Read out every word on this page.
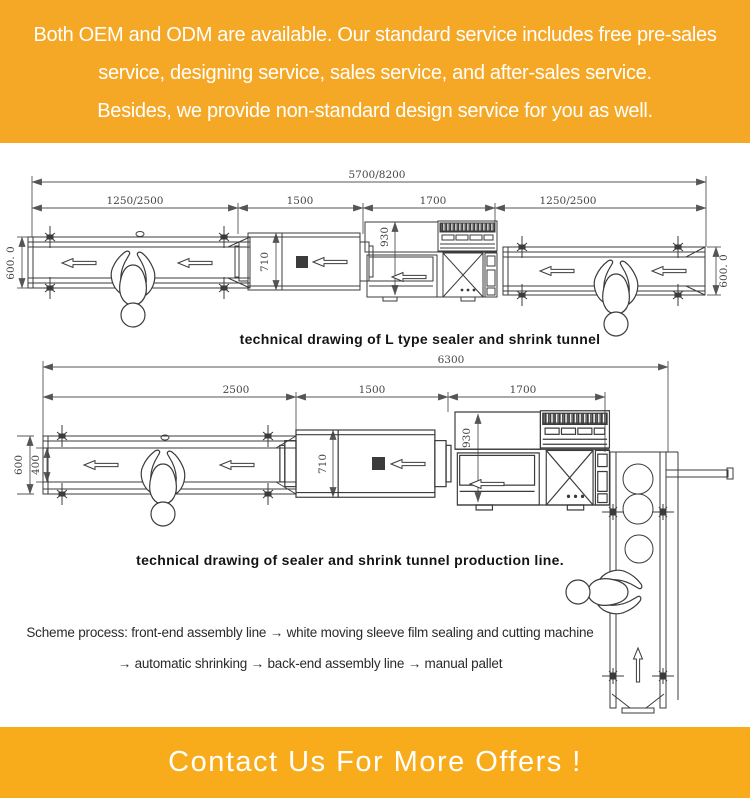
Both OEM and ODM are available. Our standard service includes free pre-sales
service, designing service, sales service, and after-sales service.
Besides, we provide non-standard design service for you as well.
5700/8200
1250/2500	1500	1700	1250/2500
600. 0	600. 0
930
710
6300
2500	1500	1700
600 400
930
710
technical drawing of L type sealer and shrink tunnel
technical drawing of sealer and shrink tunnel production line.
Scheme process: front-end assembly line → white moving sleeve film sealing and cutting machine
→ automatic shrinking → back-end assembly line → manual pallet
Contact Us For More Offers !
